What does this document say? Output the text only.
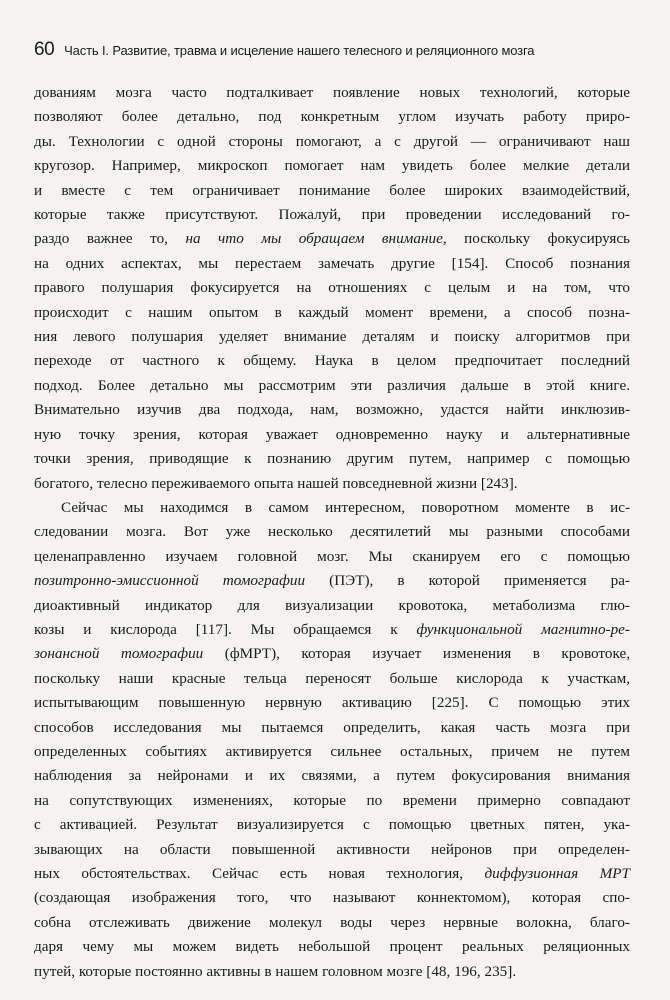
60 Часть I. Развитие, травма и исцеление нашего телесного и реляционного мозга
дованиям мозга часто подталкивает появление новых технологий, которые
позволяют более детально, под конкретным углом изучать работу приро-
ды. Технологии с одной стороны помогают, а с другой — ограничивают наш
кругозор. Например, микроскоп помогает нам увидеть более мелкие детали
и вместе с тем ограничивает понимание более широких взаимодействий,
которые также присутствуют. Пожалуй, при проведении исследований го-
раздо важнее то, на что мы обращаем внимание, поскольку фокусируясь
на одних аспектах, мы перестаем замечать другие [154]. Способ познания
правого полушария фокусируется на отношениях с целым и на том, что
происходит с нашим опытом в каждый момент времени, а способ позна-
ния левого полушария уделяет внимание деталям и поиску алгоритмов при
переходе от частного к общему. Наука в целом предпочитает последний
подход. Более детально мы рассмотрим эти различия дальше в этой книге.
Внимательно изучив два подхода, нам, возможно, удастся найти инклюзив-
ную точку зрения, которая уважает одновременно науку и альтернативные
точки зрения, приводящие к познанию другим путем, например с помощью
богатого, телесно переживаемого опыта нашей повседневной жизни [243].
Сейчас мы находимся в самом интересном, поворотном моменте в ис-
следовании мозга. Вот уже несколько десятилетий мы разными способами
целенаправленно изучаем головной мозг. Мы сканируем его с помощью
позитронно-эмиссионной томографии (ПЭТ), в которой применяется ра-
диоактивный индикатор для визуализации кровотока, метаболизма глю-
козы и кислорода [117]. Мы обращаемся к функциональной магнитно-ре-
зонансной томографии (фМРТ), которая изучает изменения в кровотоке,
поскольку наши красные тельца переносят больше кислорода к участкам,
испытывающим повышенную нервную активацию [225]. С помощью этих
способов исследования мы пытаемся определить, какая часть мозга при
определенных событиях активируется сильнее остальных, причем не путем
наблюдения за нейронами и их связями, а путем фокусирования внимания
на сопутствующих изменениях, которые по времени примерно совпадают
с активацией. Результат визуализируется с помощью цветных пятен, ука-
зывающих на области повышенной активности нейронов при определен-
ных обстоятельствах. Сейчас есть новая технология, диффузионная МРТ
(создающая изображения того, что называют коннектомом), которая спо-
собна отслеживать движение молекул воды через нервные волокна, благо-
даря чему мы можем видеть небольшой процент реальных реляционных
путей, которые постоянно активны в нашем головном мозге [48, 196, 235].
